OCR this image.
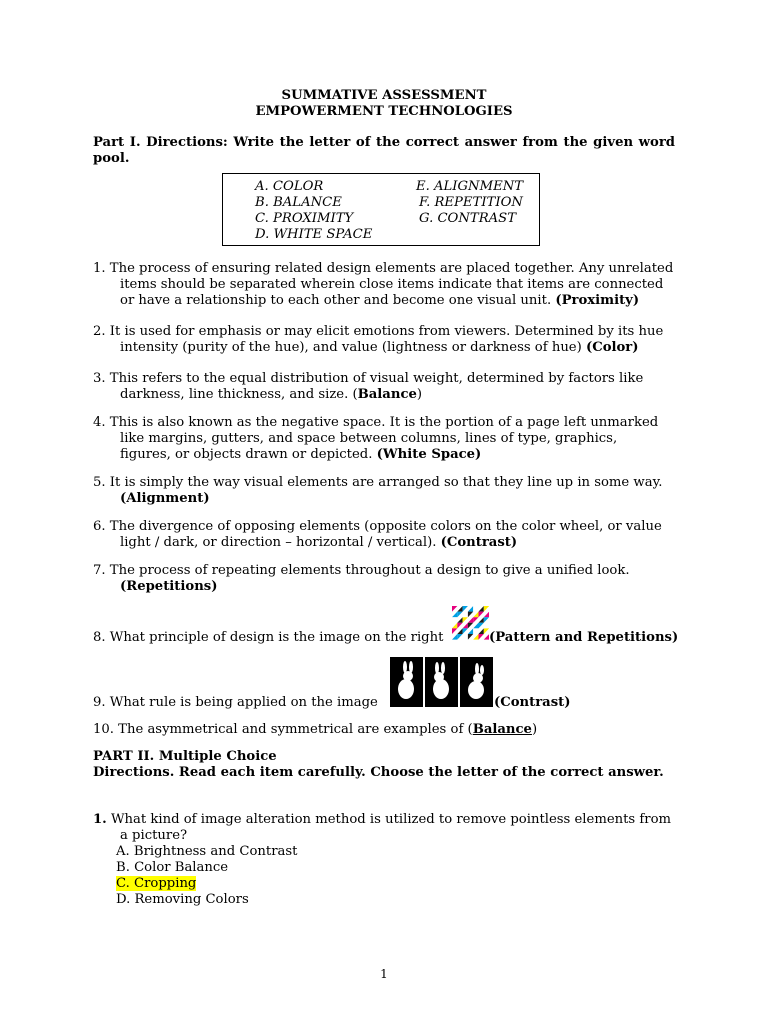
SUMMATIVE ASSESSMENT
EMPOWERMENT TECHNOLOGIES
Part I. Directions: Write the letter of the correct answer from the given word
pool.
A. COLOR
B. BALANCE
C. PROXIMITY
D. WHITE SPACE
E. ALIGNMENT
F. REPETITION
G. CONTRAST
1. The process of ensuring related design elements are placed together. Any unrelated
items should be separated wherein close items indicate that items are connected
or have a relationship to each other and become one visual unit. (Proximity)
2. It is used for emphasis or may elicit emotions from viewers. Determined by its hue
intensity (purity of the hue), and value (lightness or darkness of hue) (Color)
3. This refers to the equal distribution of visual weight, determined by factors like
darkness, line thickness, and size. (Balance)
4. This is also known as the negative space. It is the portion of a page left unmarked
like margins, gutters, and space between columns, lines of type, graphics,
figures, or objects drawn or depicted. (White Space)
5. It is simply the way visual elements are arranged so that they line up in some way.
(Alignment)
6. The divergence of opposing elements (opposite colors on the color wheel, or value
light / dark, or direction – horizontal / vertical). (Contrast)
7. The process of repeating elements throughout a design to give a unified look.
(Repetitions)
8. What principle of design is the image on the right	(Pattern and Repetitions)
9. What rule is being applied on the image	(Contrast)
10. The asymmetrical and symmetrical are examples of (Balance)
PART II. Multiple Choice
Directions. Read each item carefully. Choose the letter of the correct answer.
1. What kind of image alteration method is utilized to remove pointless elements from
a picture?
A. Brightness and Contrast
B. Color Balance
C. Cropping
D. Removing Colors
1
